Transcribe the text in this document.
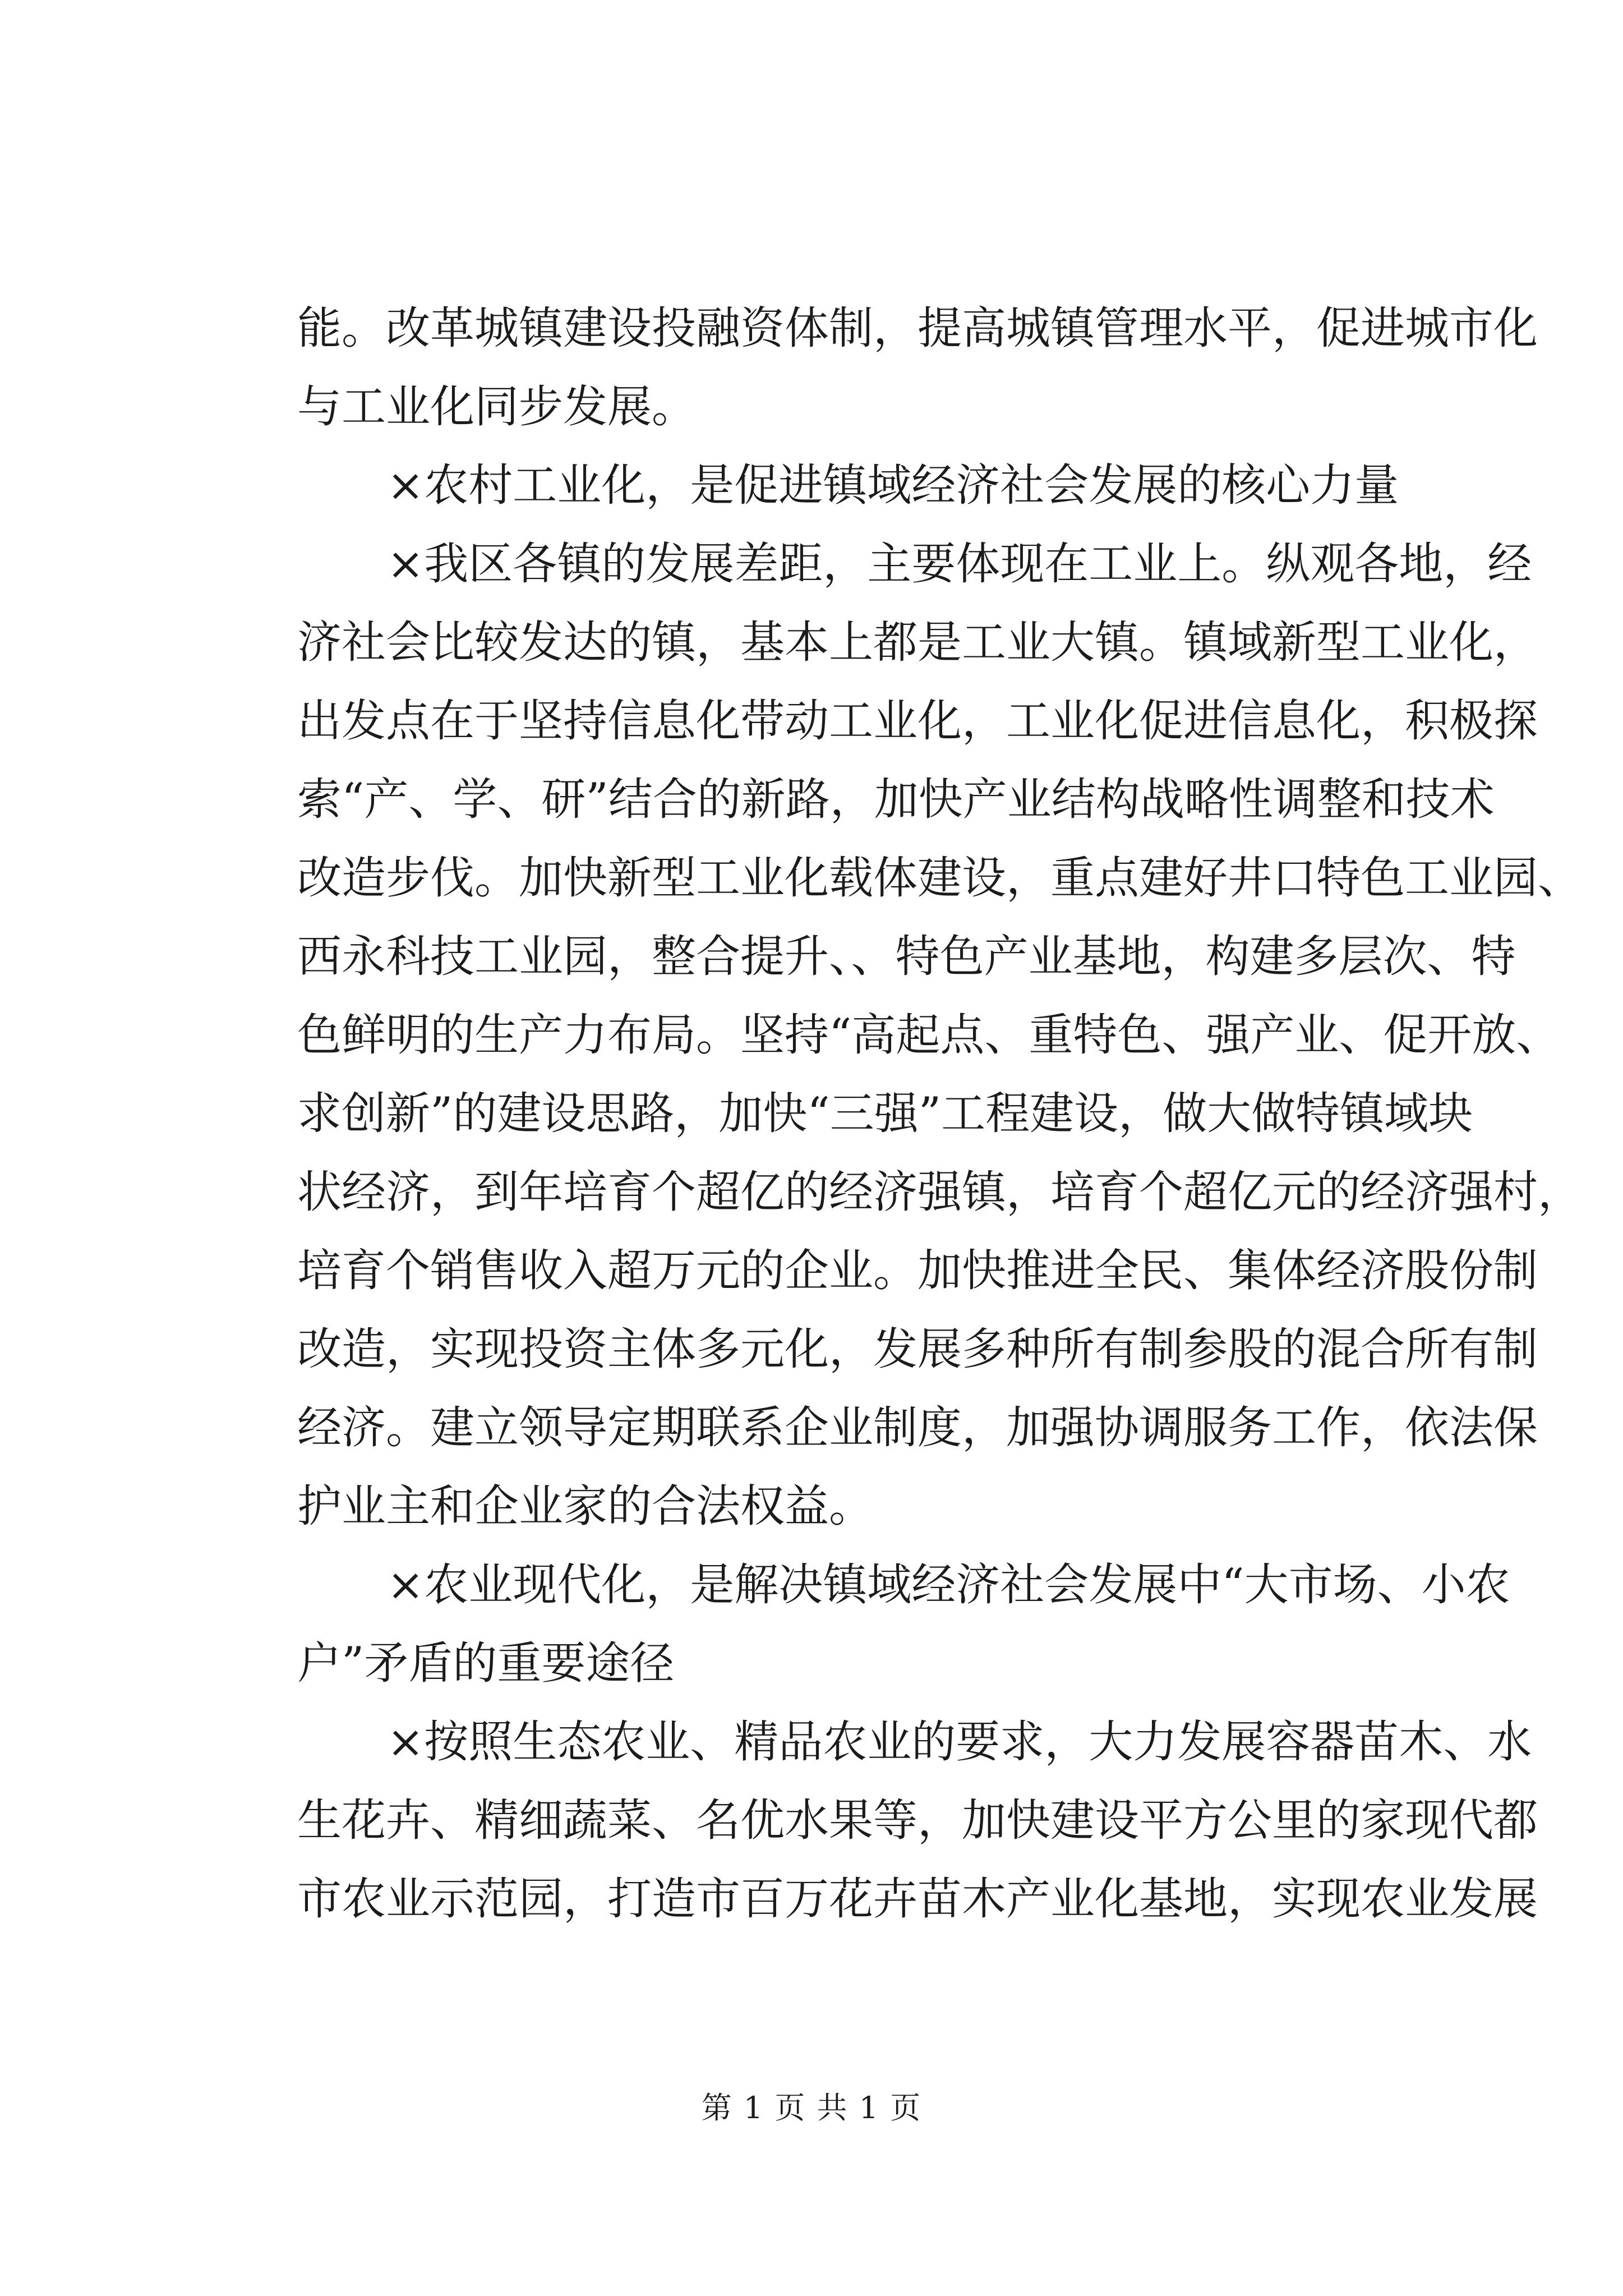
能。改革城镇建设投融资体制，提高城镇管理水平，促进城市化
与工业化同步发展。
×农村工业化，是促进镇域经济社会发展的核心力量
×我区各镇的发展差距，主要体现在工业上。纵观各地，经
济社会比较发达的镇，基本上都是工业大镇。镇域新型工业化，
出发点在于坚持信息化带动工业化，工业化促进信息化，积极探
索“产、学、研”结合的新路，加快产业结构战略性调整和技术
改造步伐。加快新型工业化载体建设，重点建好井口特色工业园、
西永科技工业园，整合提升、、特色产业基地，构建多层次、特
色鲜明的生产力布局。坚持“高起点、重特色、强产业、促开放、
求创新”的建设思路，加快“三强”工程建设，做大做特镇域块
状经济，到年培育个超亿的经济强镇，培育个超亿元的经济强村，
培育个销售收入超万元的企业。加快推进全民、集体经济股份制
改造，实现投资主体多元化，发展多种所有制参股的混合所有制
经济。建立领导定期联系企业制度，加强协调服务工作，依法保
护业主和企业家的合法权益。
×农业现代化，是解决镇域经济社会发展中“大市场、小农
户”矛盾的重要途径
×按照生态农业、精品农业的要求，大力发展容器苗木、水
生花卉、精细蔬菜、名优水果等，加快建设平方公里的家现代都
市农业示范园，打造市百万花卉苗木产业化基地，实现农业发展
第 1 页 共 1 页
